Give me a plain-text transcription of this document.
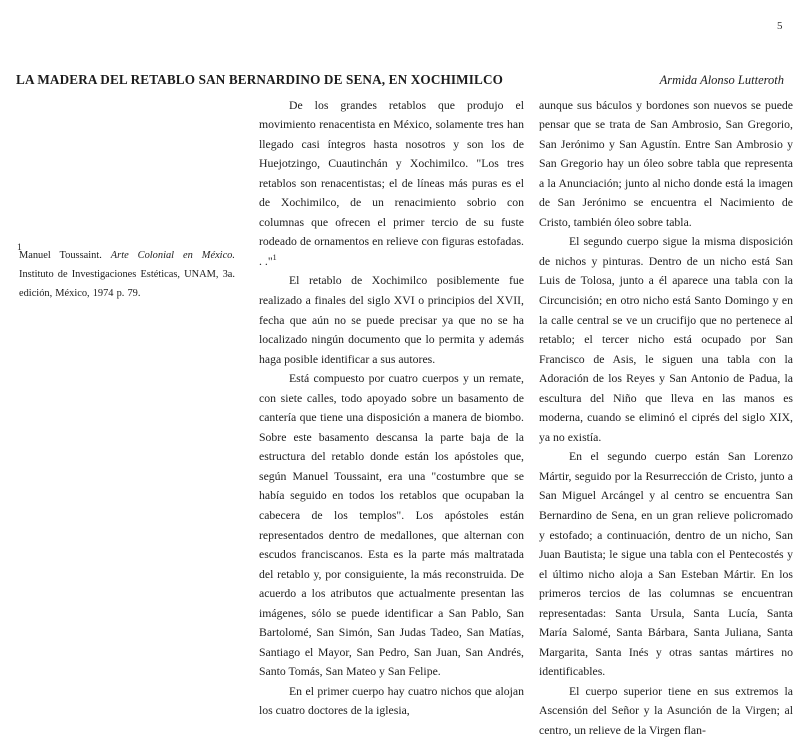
5
LA MADERA DEL RETABLO SAN BERNARDINO DE SENA, EN XOCHIMILCO	Armida Alonso Lutteroth
1
Manuel Toussaint. Arte Colonial en México. Instituto de Investigaciones Estéticas, UNAM, 3a. edición, México, 1974 p. 79.

De los grandes retablos que produjo el movimiento renacentista en México, solamente tres han llegado casi íntegros hasta nosotros y son los de Huejotzingo, Cuautinchán y Xochimilco. "Los tres retablos son renacentistas; el de líneas más puras es el de Xochimilco, de un renacimiento sobrio con columnas que ofrecen el primer tercio de su fuste rodeado de ornamentos en relieve con figuras estofadas. . ."$^1$

El retablo de Xochimilco posiblemente fue realizado a finales del siglo XVI o principios del XVII, fecha que aún no se puede precisar ya que no se ha localizado ningún documento que lo permita y además haga posible identificar a sus autores.

Está compuesto por cuatro cuerpos y un remate, con siete calles, todo apoyado sobre un basamento de cantería que tiene una disposición a manera de biombo. Sobre este basamento descansa la parte baja de la estructura del retablo donde están los apóstoles que, según Manuel Toussaint, era una "costumbre que se había seguido en todos los retablos que ocupaban la cabecera de los templos". Los apóstoles están representados dentro de medallones, que alternan con escudos franciscanos. Esta es la parte más maltratada del retablo y, por consiguiente, la más reconstruida. De acuerdo a los atributos que actualmente presentan las imágenes, sólo se puede identificar a San Pablo, San Bartolomé, San Simón, San Judas Tadeo, San Matías, Santiago el Mayor, San Pedro, San Juan, San Andrés, Santo Tomás, San Mateo y San Felipe.

En el primer cuerpo hay cuatro nichos que alojan los cuatro doctores de la iglesia,

aunque sus báculos y bordones son nuevos se puede pensar que se trata de San Ambrosio, San Gregorio, San Jerónimo y San Agustín. Entre San Ambrosio y San Gregorio hay un óleo sobre tabla que representa a la Anunciación; junto al nicho donde está la imagen de San Jerónimo se encuentra el Nacimiento de Cristo, también óleo sobre tabla.

El segundo cuerpo sigue la misma disposición de nichos y pinturas. Dentro de un nicho está San Luis de Tolosa, junto a él aparece una tabla con la Circuncisión; en otro nicho está Santo Domingo y en la calle central se ve un crucifijo que no pertenece al retablo; el tercer nicho está ocupado por San Francisco de Asis, le siguen una tabla con la Adoración de los Reyes y San Antonio de Padua, la escultura del Niño que lleva en las manos es moderna, cuando se eliminó el ciprés del siglo XIX, ya no existía.

En el segundo cuerpo están San Lorenzo Mártir, seguido por la Resurrección de Cristo, junto a San Miguel Arcángel y al centro se encuentra San Bernardino de Sena, en un gran relieve policromado y estofado; a continuación, dentro de un nicho, San Juan Bautista; le sigue una tabla con el Pentecostés y el último nicho aloja a San Esteban Mártir. En los primeros tercios de las columnas se encuentran representadas: Santa Ursula, Santa Lucía, Santa María Salomé, Santa Bárbara, Santa Juliana, Santa Margarita, Santa Inés y otras santas mártires no identificables.

El cuerpo superior tiene en sus extremos la Ascensión del Señor y la Asunción de la Virgen; al centro, un relieve de la Virgen flan-
